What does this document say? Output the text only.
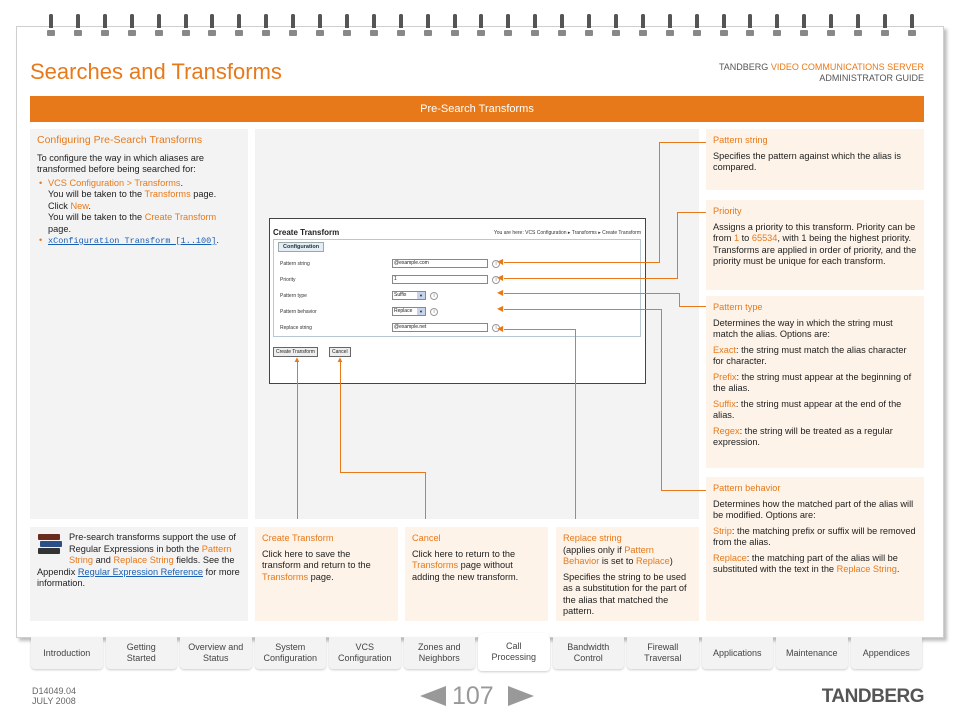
Searches and Transforms	TANDBERG VIDEO COMMUNICATIONS SERVER
ADMINISTRATOR GUIDE
Pre-Search Transforms
Configuring Pre-Search Transforms
To configure the way in which aliases are transformed before being searched for:
• VCS Configuration > Transforms.
You will be taken to the Transforms page.
Click New.
You will be taken to the Create Transform page.
• xConfiguration Transform [1..100].
Create Transform	You are here: VCS Configuration ▸ Transforms ▸ Create Transform
Configuration
Pattern string	@example.com	i
Priority	1	i
Pattern type	Suffix	▼	i
Pattern behavior	Replace	▼	i
Replace string	@example.net	i
Create Transform	Cancel
◀
◀
◀
◀
◀
▲	▲
Pattern string

Specifies the pattern against which the alias is compared.

Priority

Assigns a priority to this transform. Priority can be from 1 to 65534, with 1 being the highest priority. Transforms are applied in order of priority, and the priority must be unique for each transform.

Pattern type

Determines the way in which the string must match the alias. Options are:

Exact: the string must match the alias character for character.

Prefix: the string must appear at the beginning of the alias.

Suffix: the string must appear at the end of the alias.

Regex: the string will be treated as a regular expression.

Pattern behavior

Determines how the matched part of the alias will be modified. Options are:

Strip: the matching prefix or suffix will be removed from the alias.

Replace: the matching part of the alias will be substituted with the text in the Replace String.

Pre-search transforms support the use of Regular Expressions in both the Pattern String and Replace String fields. See the Appendix Regular Expression Reference for more information.
Create Transform

Click here to save the transform and return to the Transforms page.

Cancel

Click here to return to the Transforms page without adding the new transform.

Replace string

(applies only if Pattern Behavior is set to Replace)

Specifies the string to be used as a substitution for the part of the alias that matched the pattern.

Introduction
Getting Started
Overview and Status
System Configuration
VCS Configuration
Zones and Neighbors
Call Processing
Bandwidth Control
Firewall Traversal
Applications	Maintenance	Appendices
D14049.04
JULY 2008	107	TANDBERG
